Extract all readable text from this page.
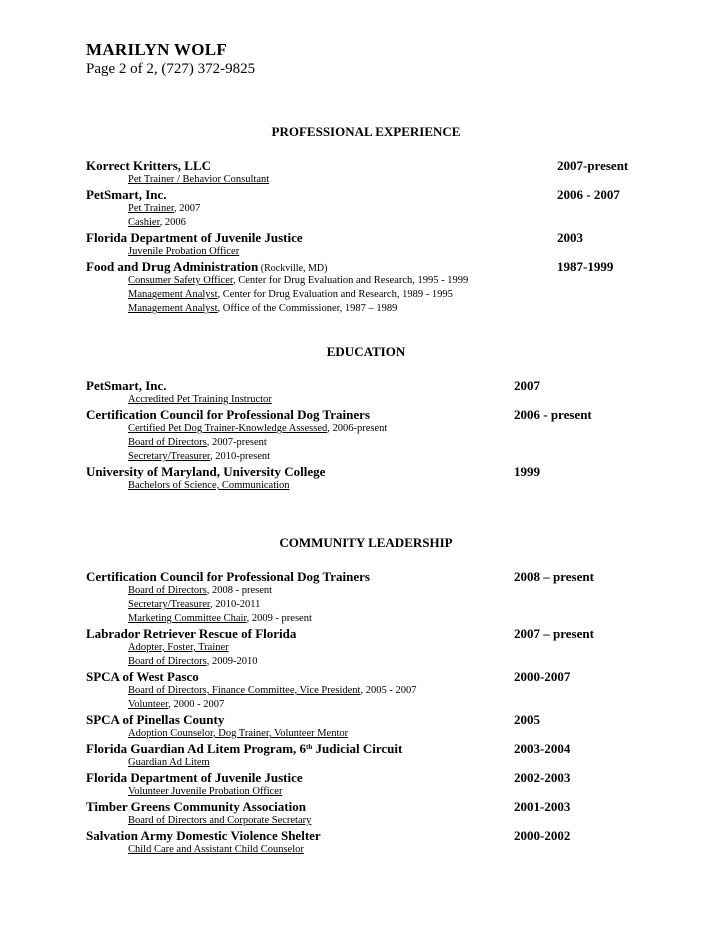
MARILYN WOLF
Page 2 of 2, (727) 372-9825
PROFESSIONAL EXPERIENCE
Korrect Kritters, LLC	2007-present
Pet Trainer / Behavior Consultant
PetSmart, Inc.	2006 - 2007
Pet Trainer, 2007
Cashier, 2006
Florida Department of Juvenile Justice	2003
Juvenile Probation Officer
Food and Drug Administration (Rockville, MD)	1987-1999
Consumer Safety Officer, Center for Drug Evaluation and Research, 1995 - 1999
Management Analyst, Center for Drug Evaluation and Research, 1989 - 1995
Management Analyst, Office of the Commissioner, 1987 – 1989
EDUCATION
PetSmart, Inc.	2007
Accredited Pet Training Instructor
Certification Council for Professional Dog Trainers	2006 - present
Certified Pet Dog Trainer-Knowledge Assessed, 2006-present
Board of Directors, 2007-present
Secretary/Treasurer, 2010-present
University of Maryland, University College	1999
Bachelors of Science, Communication
COMMUNITY LEADERSHIP
Certification Council for Professional Dog Trainers	2008 – present
Board of Directors, 2008 - present
Secretary/Treasurer, 2010-2011
Marketing Committee Chair, 2009 - present
Labrador Retriever Rescue of Florida	2007 – present
Adopter, Foster, Trainer
Board of Directors, 2009-2010
SPCA of West Pasco	2000-2007
Board of Directors, Finance Committee, Vice President, 2005 - 2007
Volunteer, 2000 - 2007
SPCA of Pinellas County	2005
Adoption Counselor, Dog Trainer, Volunteer Mentor
Florida Guardian Ad Litem Program, 6th Judicial Circuit	2003-2004
Guardian Ad Litem
Florida Department of Juvenile Justice	2002-2003
Volunteer Juvenile Probation Officer
Timber Greens Community Association	2001-2003
Board of Directors and Corporate Secretary
Salvation Army Domestic Violence Shelter	2000-2002
Child Care and Assistant Child Counselor
